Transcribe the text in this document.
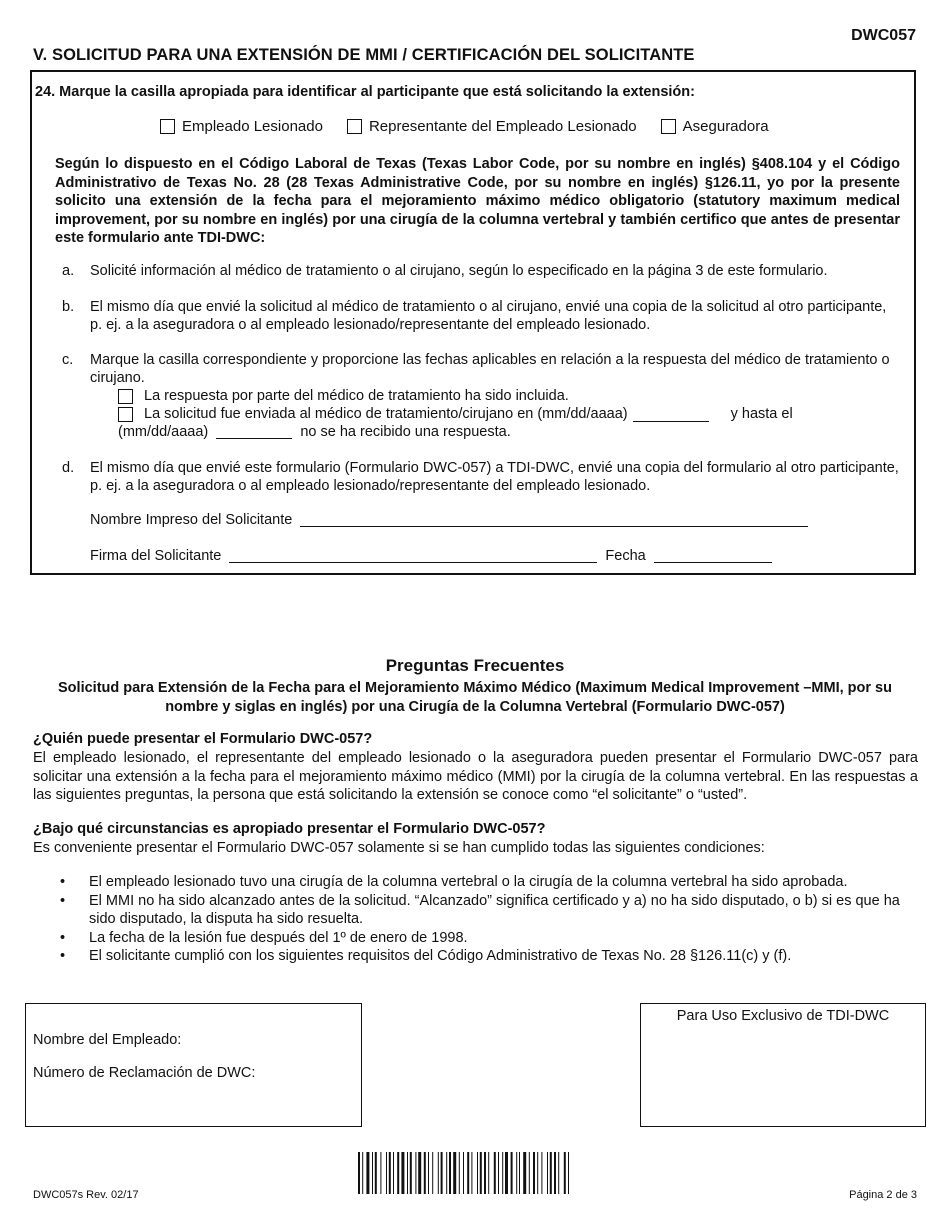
DWC057
V. SOLICITUD PARA UNA EXTENSIÓN DE MMI / CERTIFICACIÓN DEL SOLICITANTE
24. Marque la casilla apropiada para identificar al participante que está solicitando la extensión:
Empleado Lesionado	Representante del Empleado Lesionado	Aseguradora
Según lo dispuesto en el Código Laboral de Texas (Texas Labor Code, por su nombre en inglés) §408.104 y el Código Administrativo de Texas No. 28 (28 Texas Administrative Code, por su nombre en inglés) §126.11, yo por la presente solicito una extensión de la fecha para el mejoramiento máximo médico obligatorio (statutory maximum medical improvement, por su nombre en inglés) por una cirugía de la columna vertebral y también certifico que antes de presentar este formulario ante TDI-DWC:
a. Solicité información al médico de tratamiento o al cirujano, según lo especificado en la página 3 de este formulario.
b. El mismo día que envié la solicitud al médico de tratamiento o al cirujano, envié una copia de la solicitud al otro participante, p. ej. a la aseguradora o al empleado lesionado/representante del empleado lesionado.
c. Marque la casilla correspondiente y proporcione las fechas aplicables en relación a la respuesta del médico de tratamiento o cirujano.
La respuesta por parte del médico de tratamiento ha sido incluida.
La solicitud fue enviada al médico de tratamiento/cirujano en (mm/dd/aaaa)	y hasta el
(mm/dd/aaaa)	no se ha recibido una respuesta.
d. El mismo día que envié este formulario (Formulario DWC-057) a TDI-DWC, envié una copia del formulario al otro participante, p. ej. a la aseguradora o al empleado lesionado/representante del empleado lesionado.
Nombre Impreso del Solicitante
Firma del Solicitante	Fecha
Preguntas Frecuentes
Solicitud para Extensión de la Fecha para el Mejoramiento Máximo Médico (Maximum Medical Improvement –MMI, por su nombre y siglas en inglés) por una Cirugía de la Columna Vertebral (Formulario DWC-057)
¿Quién puede presentar el Formulario DWC-057?
El empleado lesionado, el representante del empleado lesionado o la aseguradora pueden presentar el Formulario DWC-057 para solicitar una extensión a la fecha para el mejoramiento máximo médico (MMI) por la cirugía de la columna vertebral. En las respuestas a las siguientes preguntas, la persona que está solicitando la extensión se conoce como “el solicitante” o “usted”.
¿Bajo qué circunstancias es apropiado presentar el Formulario DWC-057?
Es conveniente presentar el Formulario DWC-057 solamente si se han cumplido todas las siguientes condiciones:
• El empleado lesionado tuvo una cirugía de la columna vertebral o la cirugía de la columna vertebral ha sido aprobada.
• El MMI no ha sido alcanzado antes de la solicitud. “Alcanzado” significa certificado y a) no ha sido disputado, o b) si es que ha sido disputado, la disputa ha sido resuelta.
• La fecha de la lesión fue después del 1º de enero de 1998.
• El solicitante cumplió con los siguientes requisitos del Código Administrativo de Texas No. 28 §126.11(c) y (f).
Nombre del Empleado:
Número de Reclamación de DWC:
Para Uso Exclusivo de TDI-DWC
DWC057s Rev. 02/17	Página 2 de 3
